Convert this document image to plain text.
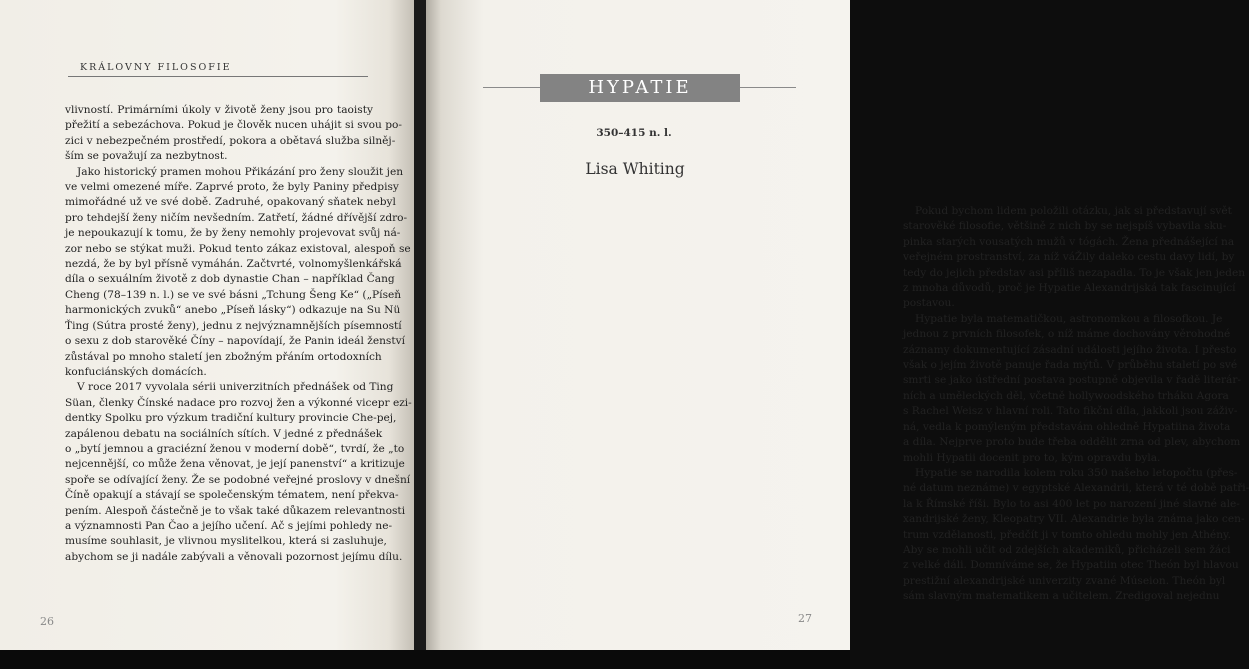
KRÁLOVNY FILOSOFIE
vlivností. Primárními úkoly v životě ženy jsou pro taoisty
přežití a sebezáchova. Pokud je člověk nucen uhájit si svou po-
zici v nebezpečném prostředí, pokora a obětavá služba silněj-
ším se považují za nezbytnost.
Jako historický pramen mohou Přikázání pro ženy sloužit jen
ve velmi omezené míře. Zaprvé proto, že byly Paniny předpisy
mimořádné už ve své době. Zadruhé, opakovaný sňatek nebyl
pro tehdejší ženy ničím nevšedním. Zatřetí, žádné dřívější zdro-
je nepoukazují k tomu, že by ženy nemohly projevovat svůj ná-
zor nebo se stýkat muži. Pokud tento zákaz existoval, alespoň se
nezdá, že by byl přísně vymáhán. Začtvrté, volnomyšlenkářská
díla o sexuálním životě z dob dynastie Chan – například Čang
Cheng (78–139 n. l.) se ve své básni „Tchung Šeng Ke“ („Píseň
harmonických zvuků“ anebo „Píseň lásky“) odkazuje na Su Nü
Ťing (Sútra prosté ženy), jednu z nejvýznamnějších písemností
o sexu z dob starověké Číny – napovídají, že Panin ideál ženství
zůstával po mnoho staletí jen zbožným přáním ortodoxních
konfuciánských domácích.
V roce 2017 vyvolala sérii univerzitních přednášek od Ting
Süan, členky Čínské nadace pro rozvoj žen a výkonné vicepr ezi-
dentky Spolku pro výzkum tradiční kultury provincie Che-pej,
zapálenou debatu na sociálních sítích. V jedné z přednášek
o „bytí jemnou a graciézní ženou v moderní době“, tvrdí, že „to
nejcennější, co může žena věnovat, je její panenství“ a kritizuje
spoře se odívající ženy. Že se podobné veřejné proslovy v dnešní
Číně opakují a stávají se společenským tématem, není překva-
pením. Alespoň částečně je to však také důkazem relevantnosti
a významnosti Pan Čao a jejího učení. Ač s jejími pohledy ne-
musíme souhlasit, je vlivnou myslitelkou, která si zasluhuje,
abychom se ji nadále zabývali a věnovali pozornost jejímu dílu.
26
Pokud bychom lidem položili otázku, jak si představují svět
starověké filosofie, většině z nich by se nejspíš vybavila sku-
pinka starých vousatých mužů v tógách. Žena přednášející na
veřejném prostranství, za níž váŽily daleko cestu davy lidí, by
tedy do jejich představ asi příliš nezapadla. To je však jen jeden
z mnoha důvodů, proč je Hypatie Alexandrijská tak fascinující
postavou.
Hypatie byla matematičkou, astronomkou a filosofkou. Je
jednou z prvních filosofek, o níž máme dochovány věrohodné
záznamy dokumentující zásadní události jejího života. I přesto
však o jejím životě panuje řada mýtů. V průběhu staletí po své
smrti se jako ústřední postava postupně objevila v řadě literár-
ních a uměleckých děl, včetně hollywoodského trháku Agora
s Rachel Weisz v hlavní roli. Tato fikční díla, jakkoli jsou záživ-
ná, vedla k pomýleným představám ohledně Hypatiina života
a díla. Nejprve proto bude třeba oddělit zrna od plev, abychom
mohli Hypatii docenit pro to, kým opravdu byla.
Hypatie se narodila kolem roku 350 našeho letopočtu (přes-
né datum neznáme) v egyptské Alexandrii, která v té době patři-
la k Římské říši. Bylo to asi 400 let po narození jiné slavné ale-
xandrijské ženy, Kleopatry VII. Alexandrie byla známa jako cen-
trum vzdělanosti, předčít ji v tomto ohledu mohly jen Athény.
Aby se mohli učit od zdejších akademiků, přicházeli sem žáci
z velké dáli. Domníváme se, že Hypatiin otec Theón byl hlavou
prestižní alexandrijské univerzity zvané Múseion. Theón byl
sám slavným matematikem a učitelem. Zredigoval nejednu
HYPATIE
350–415 n. l.
Lisa Whiting
27
